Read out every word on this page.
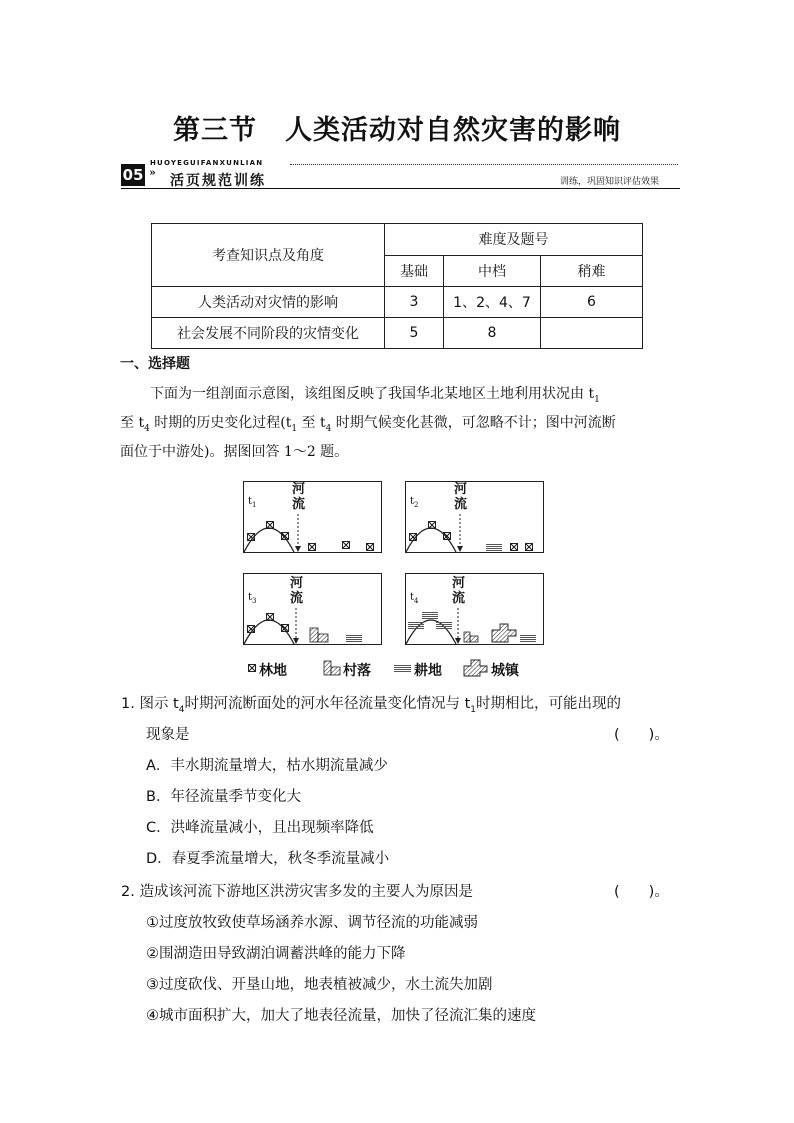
第三节　人类活动对自然灾害的影响
HUOYEGUIFANXUNLIAN
05 »
活页规范训练	训练，巩固知识评估效果
考查知识点及角度	难度及题号		
	基础	中档	稍难
人类活动对灾情的影响	3	1、2、4、7	6
社会发展不同阶段的灾情变化	5	8	
一、选择题
下面为一组剖面示意图，该组图反映了我国华北某地区土地利用状况由 $t_1$
至 $t_4$ 时期的历史变化过程($t_1$ 至 $t_4$ 时期气候变化甚微，可忽略不计；图中河流断
面位于中游处)。据图回答 1～2 题。
$t_1$
河
流	$t_2$
河
流
$t_3$
河
流	$t_4$
河
流
林地	村落	耕地	城镇
1. 图示 $t_4$时期河流断面处的河水年径流量变化情况与 $t_1$时期相比，可能出现的
现象是	(　　)。
A．丰水期流量增大，枯水期流量减少
B．年径流量季节变化大
C．洪峰流量减小，且出现频率降低
D．春夏季流量增大，秋冬季流量减小
2. 造成该河流下游地区洪涝灾害多发的主要人为原因是	(　　)。
①过度放牧致使草场涵养水源、调节径流的功能减弱
②围湖造田导致湖泊调蓄洪峰的能力下降
③过度砍伐、开垦山地，地表植被减少，水土流失加剧
④城市面积扩大，加大了地表径流量，加快了径流汇集的速度
